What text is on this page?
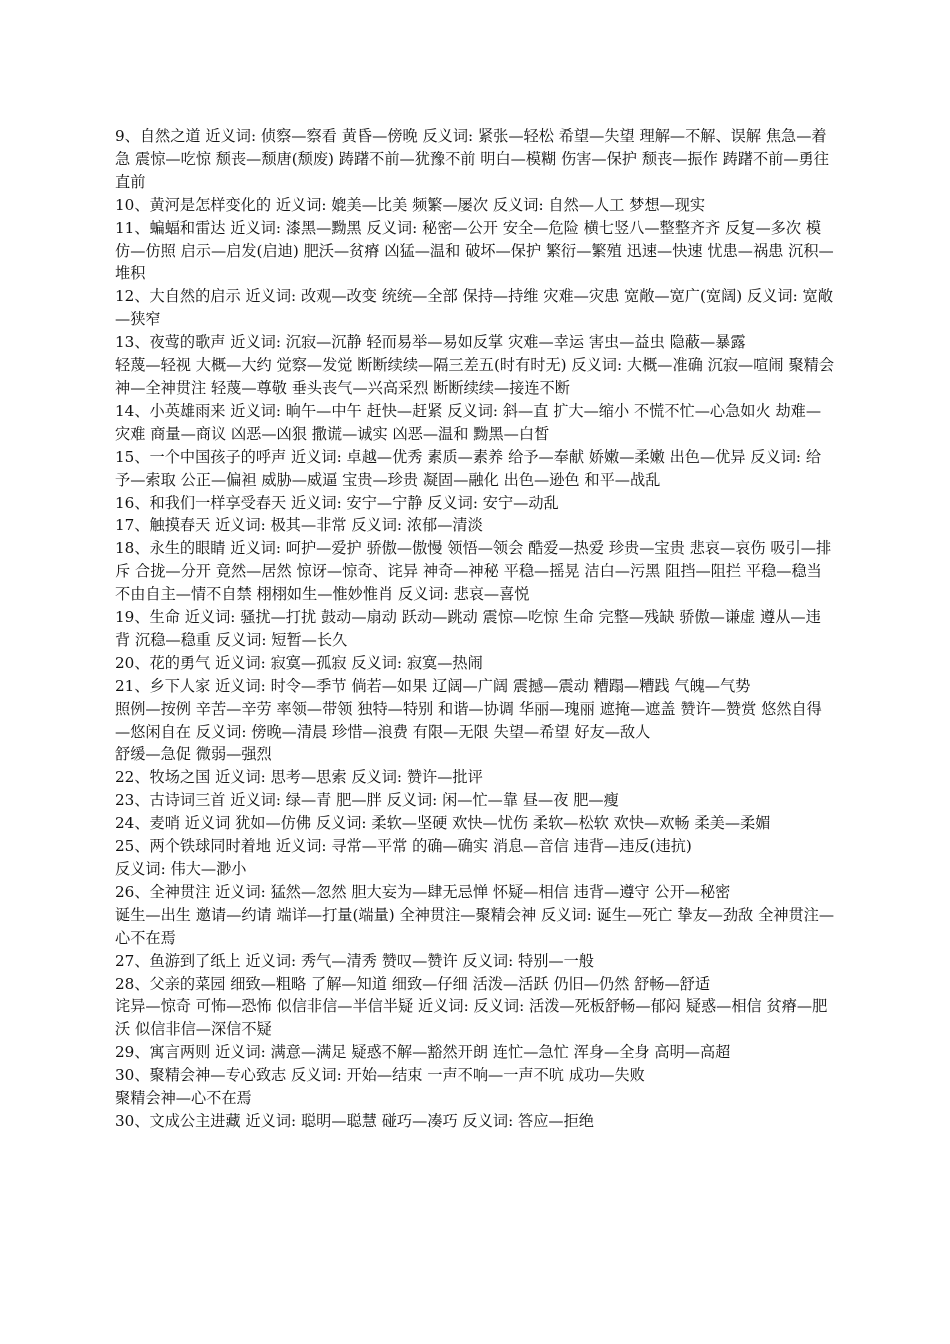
9、自然之道 近义词: 侦察—察看 黄昏—傍晚 反义词: 紧张—轻松 希望—失望 理解—不解、误解 焦急—着急 震惊—吃惊 颓丧—颓唐(颓废) 踌躇不前—犹豫不前 明白—模糊 伤害—保护 颓丧—振作 踌躇不前—勇往直前

10、黄河是怎样变化的 近义词: 媲美—比美 频繁—屡次 反义词: 自然—人工 梦想—现实

11、蝙蝠和雷达 近义词: 漆黑—黝黑 反义词: 秘密—公开 安全—危险 横七竖八—整整齐齐 反复—多次 模仿—仿照 启示—启发(启迪) 肥沃—贫瘠 凶猛—温和 破坏—保护 繁衍—繁殖 迅速—快速 忧患—祸患 沉积—堆积

12、大自然的启示 近义词: 改观—改变 统统—全部 保持—持维 灾难—灾患 宽敞—宽广(宽阔) 反义词: 宽敞—狭窄

13、夜莺的歌声 近义词: 沉寂—沉静 轻而易举—易如反掌 灾难—幸运 害虫—益虫 隐蔽—暴露

轻蔑—轻视 大概—大约 觉察—发觉 断断续续—隔三差五(时有时无) 反义词: 大概—准确 沉寂—喧闹 聚精会神—全神贯注 轻蔑—尊敬 垂头丧气—兴高采烈 断断续续—接连不断

14、小英雄雨来 近义词: 晌午—中午 赶快—赶紧 反义词: 斜—直 扩大—缩小 不慌不忙—心急如火 劫难—灾难 商量—商议 凶恶—凶狠 撒谎—诚实 凶恶—温和 黝黑—白皙

15、一个中国孩子的呼声 近义词: 卓越—优秀 素质—素养 给予—奉献 娇嫩—柔嫩 出色—优异 反义词: 给予—索取 公正—偏袒 威胁—威逼 宝贵—珍贵 凝固—融化 出色—逊色 和平—战乱

16、和我们一样享受春天 近义词: 安宁—宁静 反义词: 安宁—动乱

17、触摸春天 近义词: 极其—非常 反义词: 浓郁—清淡

18、永生的眼睛 近义词: 呵护—爱护 骄傲—傲慢 领悟—领会 酷爱—热爱 珍贵—宝贵 悲哀—哀伤 吸引—排斥 合拢—分开 竟然—居然 惊讶—惊奇、诧异 神奇—神秘 平稳—摇晃 洁白—污黑 阻挡—阻拦 平稳—稳当 不由自主—情不自禁 栩栩如生—惟妙惟肖 反义词: 悲哀—喜悦

19、生命 近义词: 骚扰—打扰 鼓动—扇动 跃动—跳动 震惊—吃惊 生命 完整—残缺 骄傲—谦虚 遵从—违背 沉稳—稳重 反义词: 短暂—长久

20、花的勇气 近义词: 寂寞—孤寂 反义词: 寂寞—热闹

21、乡下人家 近义词: 时令—季节 倘若—如果 辽阔—广阔 震撼—震动 糟蹋—糟践 气魄—气势

照例—按例 辛苦—辛劳 率领—带领 独特—特别 和谐—协调 华丽—瑰丽 遮掩—遮盖 赞许—赞赏 悠然自得—悠闲自在 反义词: 傍晚—清晨 珍惜—浪费 有限—无限 失望—希望 好友—敌人

舒缓—急促 微弱—强烈

22、牧场之国 近义词: 思考—思索 反义词: 赞许—批评

23、古诗词三首 近义词: 绿—青 肥—胖 反义词: 闲—忙—靠 昼—夜 肥—瘦

24、麦哨 近义词 犹如—仿佛 反义词: 柔软—坚硬 欢快—忧伤 柔软—松软 欢快—欢畅 柔美—柔媚

25、两个铁球同时着地 近义词: 寻常—平常 的确—确实 消息—音信 违背—违反(违抗)

反义词: 伟大—渺小

26、全神贯注 近义词: 猛然—忽然 胆大妄为—肆无忌惮 怀疑—相信 违背—遵守 公开—秘密

诞生—出生 邀请—约请 端详—打量(端量) 全神贯注—聚精会神 反义词: 诞生—死亡 挚友—劲敌 全神贯注—心不在焉

27、鱼游到了纸上 近义词: 秀气—清秀 赞叹—赞许 反义词: 特别—一般

28、父亲的菜园 细致—粗略 了解—知道 细致—仔细 活泼—活跃 仍旧—仍然 舒畅—舒适

诧异—惊奇 可怖—恐怖 似信非信—半信半疑 近义词: 反义词: 活泼—死板舒畅—郁闷 疑惑—相信 贫瘠—肥沃 似信非信—深信不疑

29、寓言两则 近义词: 满意—满足 疑惑不解—豁然开朗 连忙—急忙 浑身—全身 高明—高超

30、聚精会神—专心致志 反义词: 开始—结束 一声不响—一声不吭 成功—失败

聚精会神—心不在焉

30、文成公主进藏 近义词: 聪明—聪慧 碰巧—凑巧 反义词: 答应—拒绝
